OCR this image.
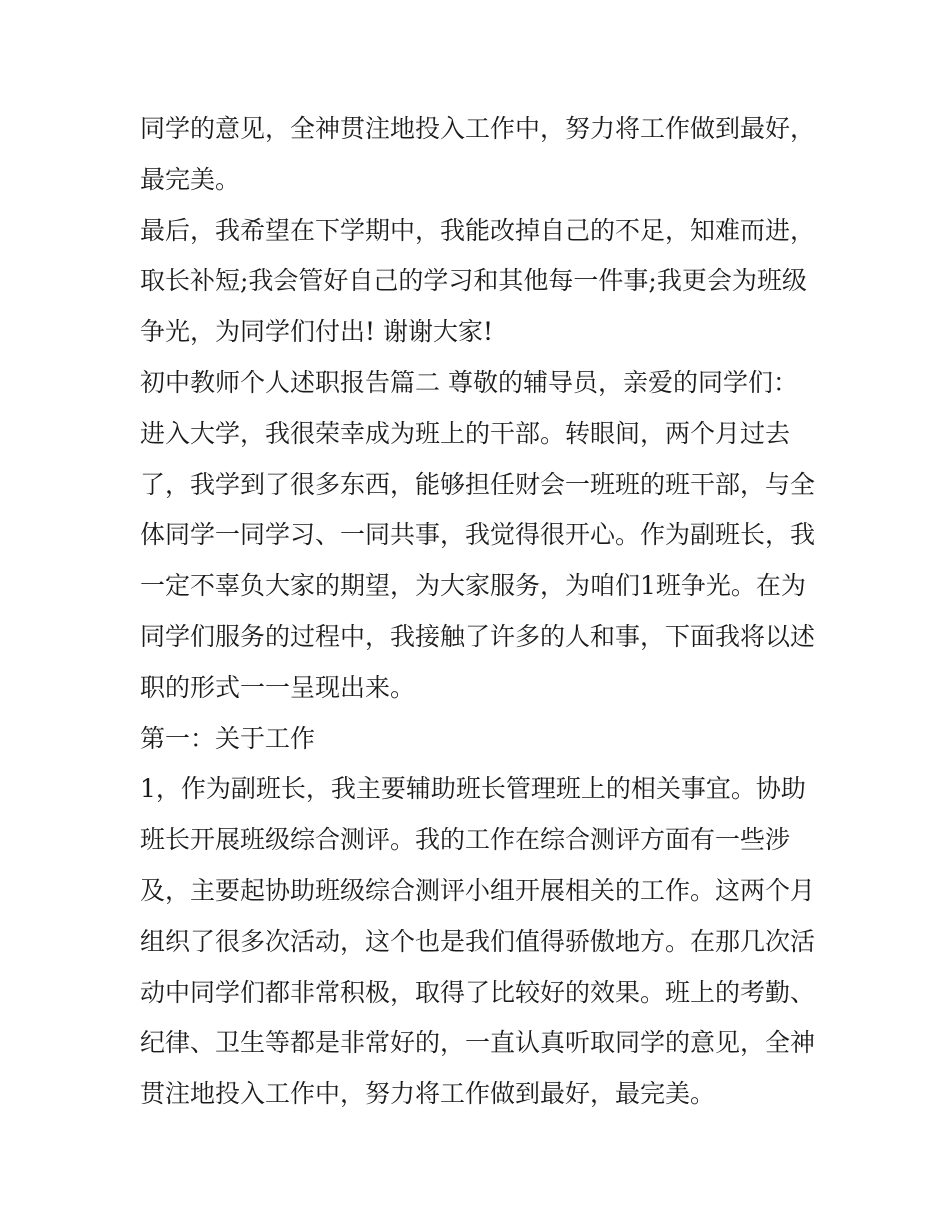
同学的意见，全神贯注地投入工作中，努力将工作做到最好，
最完美。
最后，我希望在下学期中，我能改掉自己的不足，知难而进，
取长补短;我会管好自己的学习和其他每一件事;我更会为班级
争光，为同学们付出! 谢谢大家!
初中教师个人述职报告篇二 尊敬的辅导员，亲爱的同学们：
进入大学，我很荣幸成为班上的干部。转眼间，两个月过去
了，我学到了很多东西，能够担任财会一班班的班干部，与全
体同学一同学习、一同共事，我觉得很开心。作为副班长，我
一定不辜负大家的期望，为大家服务，为咱们1班争光。在为
同学们服务的过程中，我接触了许多的人和事，下面我将以述
职的形式一一呈现出来。
第一：关于工作
1，作为副班长，我主要辅助班长管理班上的相关事宜。协助
班长开展班级综合测评。我的工作在综合测评方面有一些涉
及，主要起协助班级综合测评小组开展相关的工作。这两个月
组织了很多次活动，这个也是我们值得骄傲地方。在那几次活
动中同学们都非常积极，取得了比较好的效果。班上的考勤、
纪律、卫生等都是非常好的，一直认真听取同学的意见，全神
贯注地投入工作中，努力将工作做到最好，最完美。
